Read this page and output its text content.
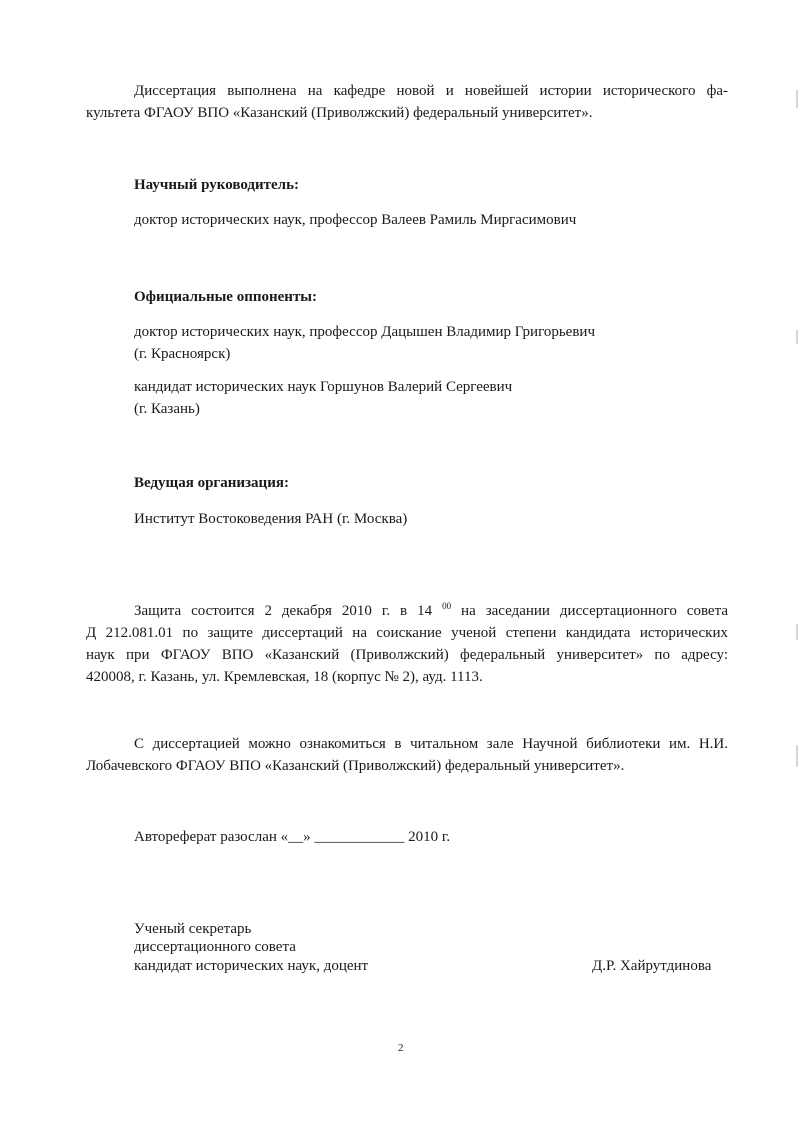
Диссертация выполнена на кафедре новой и новейшей истории исторического фа-
культета ФГАОУ ВПО «Казанский (Приволжский) федеральный университет».
Научный руководитель:
доктор исторических наук, профессор Валеев Рамиль Миргасимович
Официальные оппоненты:
доктор исторических наук, профессор Дацышен Владимир Григорьевич
(г. Красноярск)
кандидат исторических наук Горшунов Валерий Сергеевич
(г. Казань)
Ведущая организация:
Институт Востоковедения РАН (г. Москва)
Защита состоится 2 декабря 2010 г. в 14 $^{00}$ на заседании диссертационного совета
Д 212.081.01 по защите диссертаций на соискание ученой степени кандидата исторических
наук при ФГАОУ ВПО «Казанский (Приволжский) федеральный университет» по адресу:
420008, г. Казань, ул. Кремлевская, 18 (корпус № 2), ауд. 1113.
С диссертацией можно ознакомиться в читальном зале Научной библиотеки им. Н.И.
Лобачевского ФГАОУ ВПО «Казанский (Приволжский) федеральный университет».
Автореферат разослан «__» ____________ 2010 г.
Ученый секретарь
диссертационного совета
кандидат исторических наук, доцент	Д.Р. Хайрутдинова
2
